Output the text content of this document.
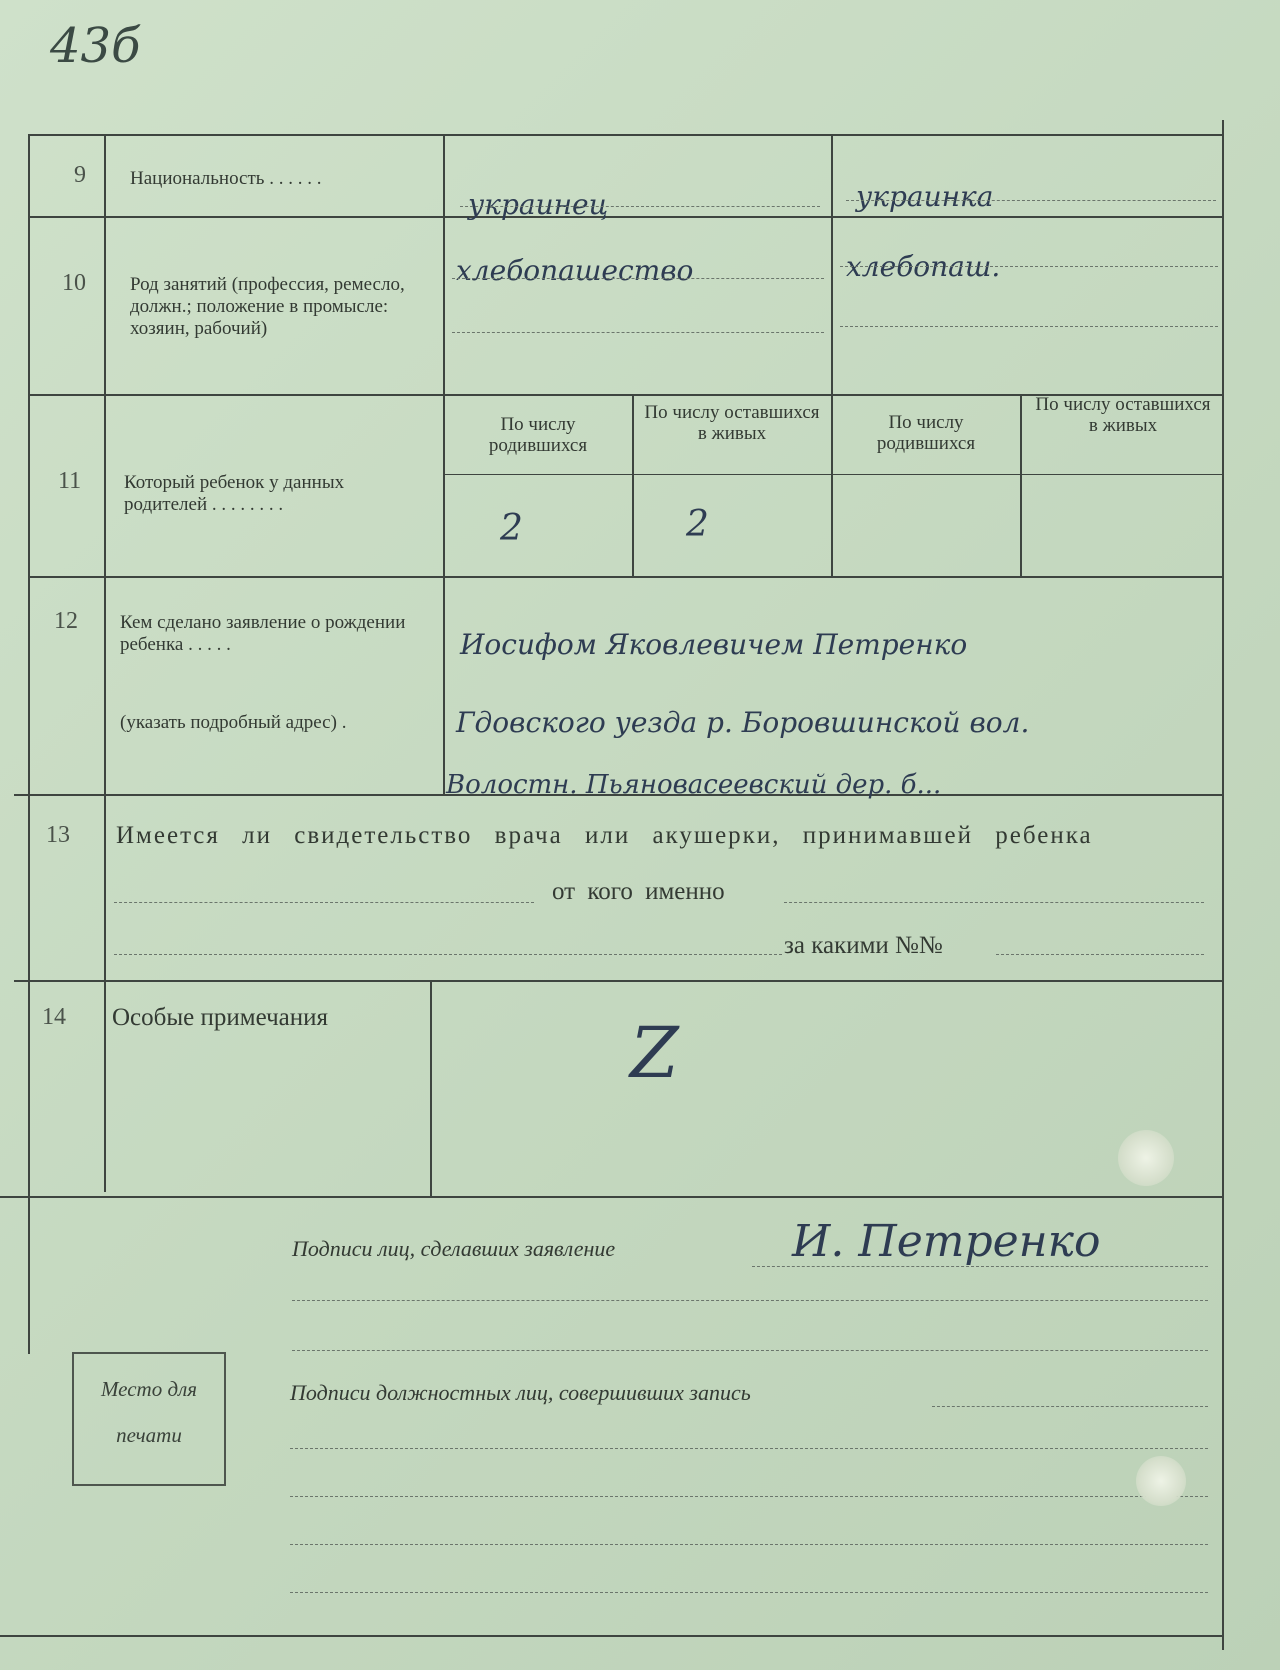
43б
9 Национальность . . . . . .
украинец	украинка
10 Род занятий (профессия, ремесло, должн.; положение в промысле: хозяин, рабочий)
хлебопашество	хлебопаш.
11 Который ребенок у данных родителей . . . . . . . .
По числу родившихся
По числу оставшихся в живых
По числу родившихся
По числу оставшихся в живых
2	2
12 Кем сделано заявление о рождении ребенка . . . . .
(указать подробный адрес) .
Иосифом Яковлевичем Петренко
Гдовского уезда р. Боровшинской вол.
Волостн. Пьяновасеевский дер. б...
13 Имеется ли свидетельство врача или акушерки, принимавшей ребенка
от кого именно
за какими №№
14 Особые примечания	Z
Подписи лиц, сделавших заявление	И. Петренко
Подписи должностных лиц, совершивших запись
Место для
печати
